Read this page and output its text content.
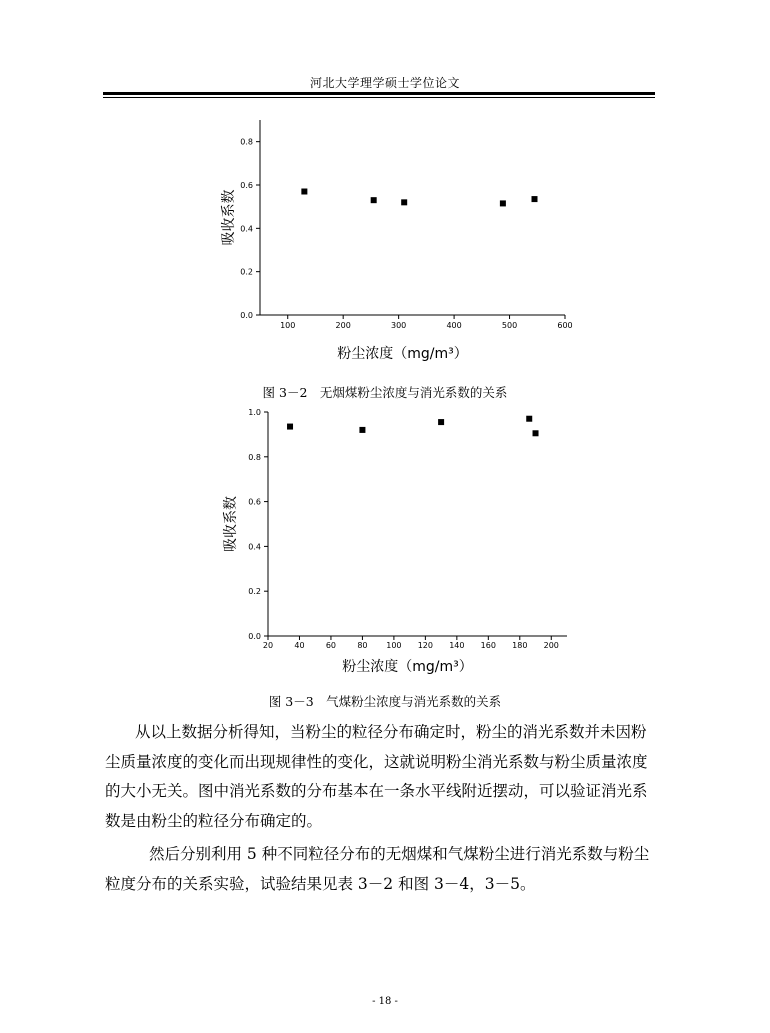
河北大学理学硕士学位论文
100	200	300	400	500	600
0.0
0.2
0.4
0.6
0.8
粉尘浓度（mg/m³）
吸收系数
图 3－2　无烟煤粉尘浓度与消光系数的关系
20	40	60	80 100 120 140 160 180 200
0.0
0.2
0.4
0.6
0.8
1.0
粉尘浓度（mg/m³）
吸收系数
图 3－3　气煤粉尘浓度与消光系数的关系

从以上数据分析得知，当粉尘的粒径分布确定时，粉尘的消光系数并未因粉

尘质量浓度的变化而出现规律性的变化，这就说明粉尘消光系数与粉尘质量浓度

的大小无关。图中消光系数的分布基本在一条水平线附近摆动，可以验证消光系

数是由粉尘的粒径分布确定的。

然后分别利用 5 种不同粒径分布的无烟煤和气煤粉尘进行消光系数与粉尘

粒度分布的关系实验，试验结果见表 3－2 和图 3－4，3－5。

- 18 -
